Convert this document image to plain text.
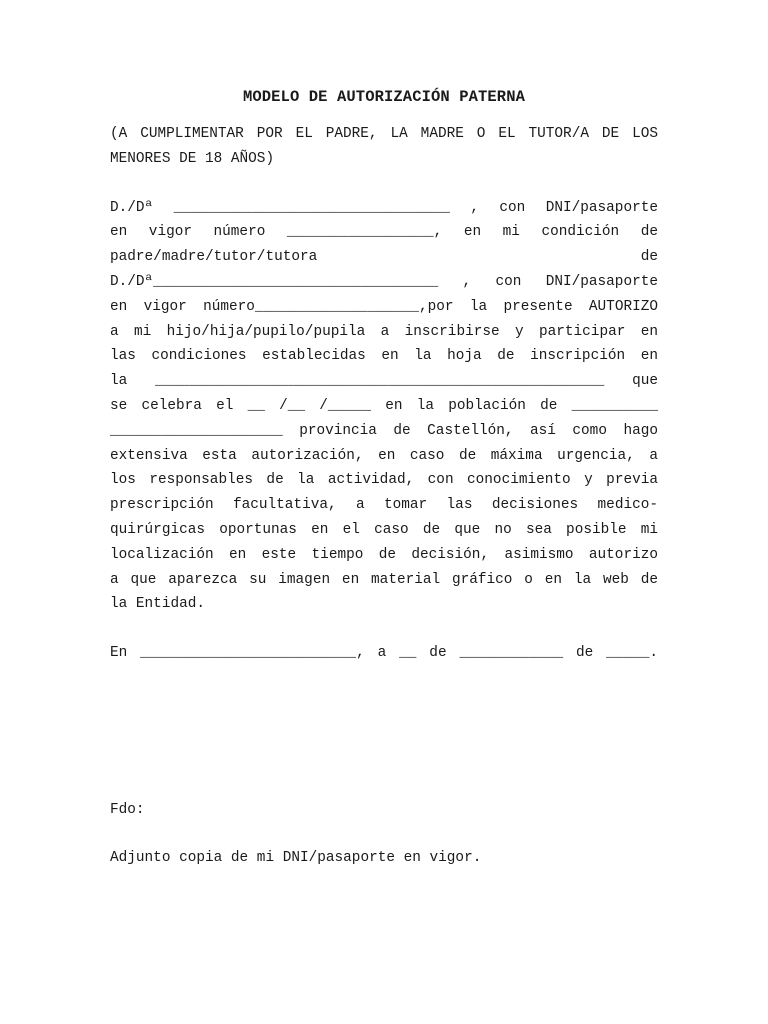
MODELO DE AUTORIZACIÓN PATERNA
(A CUMPLIMENTAR POR EL PADRE, LA MADRE O EL TUTOR/A DE LOS
MENORES DE 18 AÑOS)
D./Dª ________________________________ , con DNI/pasaporte
en vigor número _________________, en mi condición de
padre/madre/tutor/tutora de
D./Dª_________________________________ , con DNI/pasaporte
en vigor número___________________,por la presente AUTORIZO
a mi hijo/hija/pupilo/pupila a inscribirse y participar en
las condiciones establecidas en la hoja de inscripción en
la ____________________________________________________ que
se celebra el __ /__ /_____ en la población de __________
____________________ provincia de Castellón, así como hago
extensiva esta autorización, en caso de máxima urgencia, a
los responsables de la actividad, con conocimiento y previa
prescripción facultativa, a tomar las decisiones medico-
quirúrgicas oportunas en el caso de que no sea posible mi
localización en este tiempo de decisión, asimismo autorizo
a que aparezca su imagen en material gráfico o en la web de
la Entidad.
En _________________________, a __ de ____________ de _____.
Fdo:
Adjunto copia de mi DNI/pasaporte en vigor.
